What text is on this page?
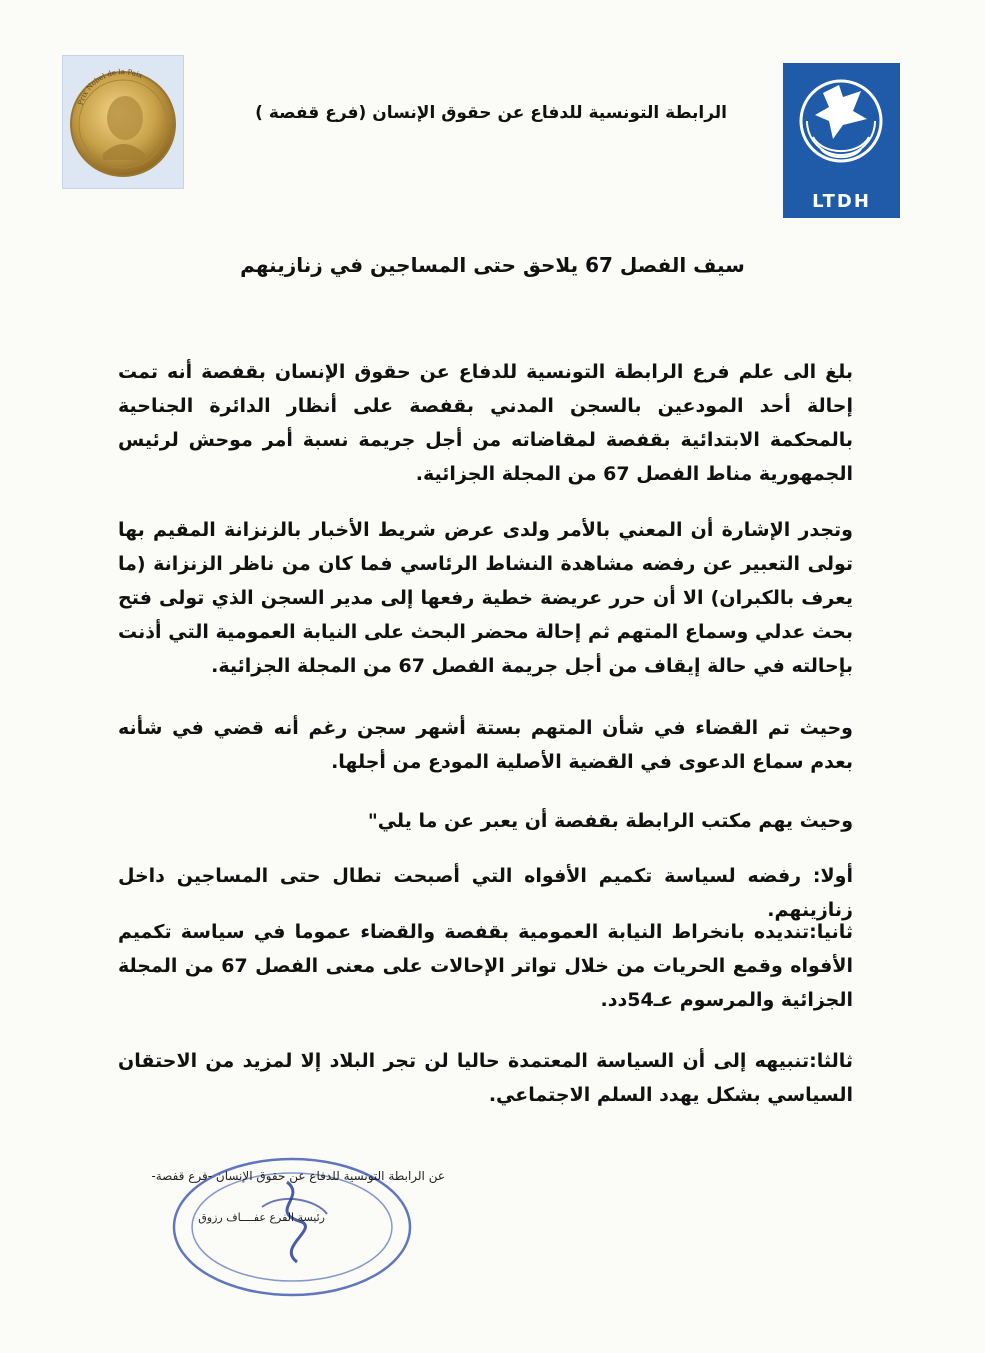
Prix Nobel de la Paix
LTDH
الرابطة التونسية للدفاع عن حقوق الإنسان (فرع قفصة )
سيف الفصل 67 يلاحق حتى المساجين في زنازينهم

بلغ الى علم فرع الرابطة التونسية للدفاع عن حقوق الإنسان بقفصة أنه تمت إحالة أحد المودعين بالسجن المدني بقفصة على أنظار الدائرة الجناحية بالمحكمة الابتدائية بقفصة لمقاضاته من أجل جريمة نسبة أمر موحش لرئيس الجمهورية مناط الفصل 67 من المجلة الجزائية.

وتجدر الإشارة أن المعني بالأمر ولدى عرض شريط الأخبار بالزنزانة المقيم بها تولى التعبير عن رفضه مشاهدة النشاط الرئاسي فما كان من ناظر الزنزانة (ما يعرف بالكبران) الا أن حرر عريضة خطية رفعها إلى مدير السجن الذي تولى فتح بحث عدلي وسماع المتهم ثم إحالة محضر البحث على النيابة العمومية التي أذنت بإحالته في حالة إيقاف من أجل جريمة الفصل 67 من المجلة الجزائية.

وحيث تم القضاء في شأن المتهم بستة أشهر سجن رغم أنه قضي في شأنه بعدم سماع الدعوى في القضية الأصلية المودع من أجلها.

وحيث يهم مكتب الرابطة بقفصة أن يعبر عن ما يلي"

أولا: رفضه لسياسة تكميم الأفواه التي أصبحت تطال حتى المساجين داخل زنازينهم.

ثانيا:تنديده بانخراط النيابة العمومية بقفصة والقضاء عموما في سياسة تكميم الأفواه وقمع الحريات من خلال تواتر الإحالات على معنى الفصل 67 من المجلة الجزائية والمرسوم عـ54دد.

ثالثا:تنبيهه إلى أن السياسة المعتمدة حاليا لن تجر البلاد إلا لمزيد من الاحتقان السياسي بشكل يهدد السلم الاجتماعي.

عن الرابطة التونسية للدفاع عن حقوق الإنسان -فرع قفصة-
رئيسة الفرع عفــــاف رزوق
